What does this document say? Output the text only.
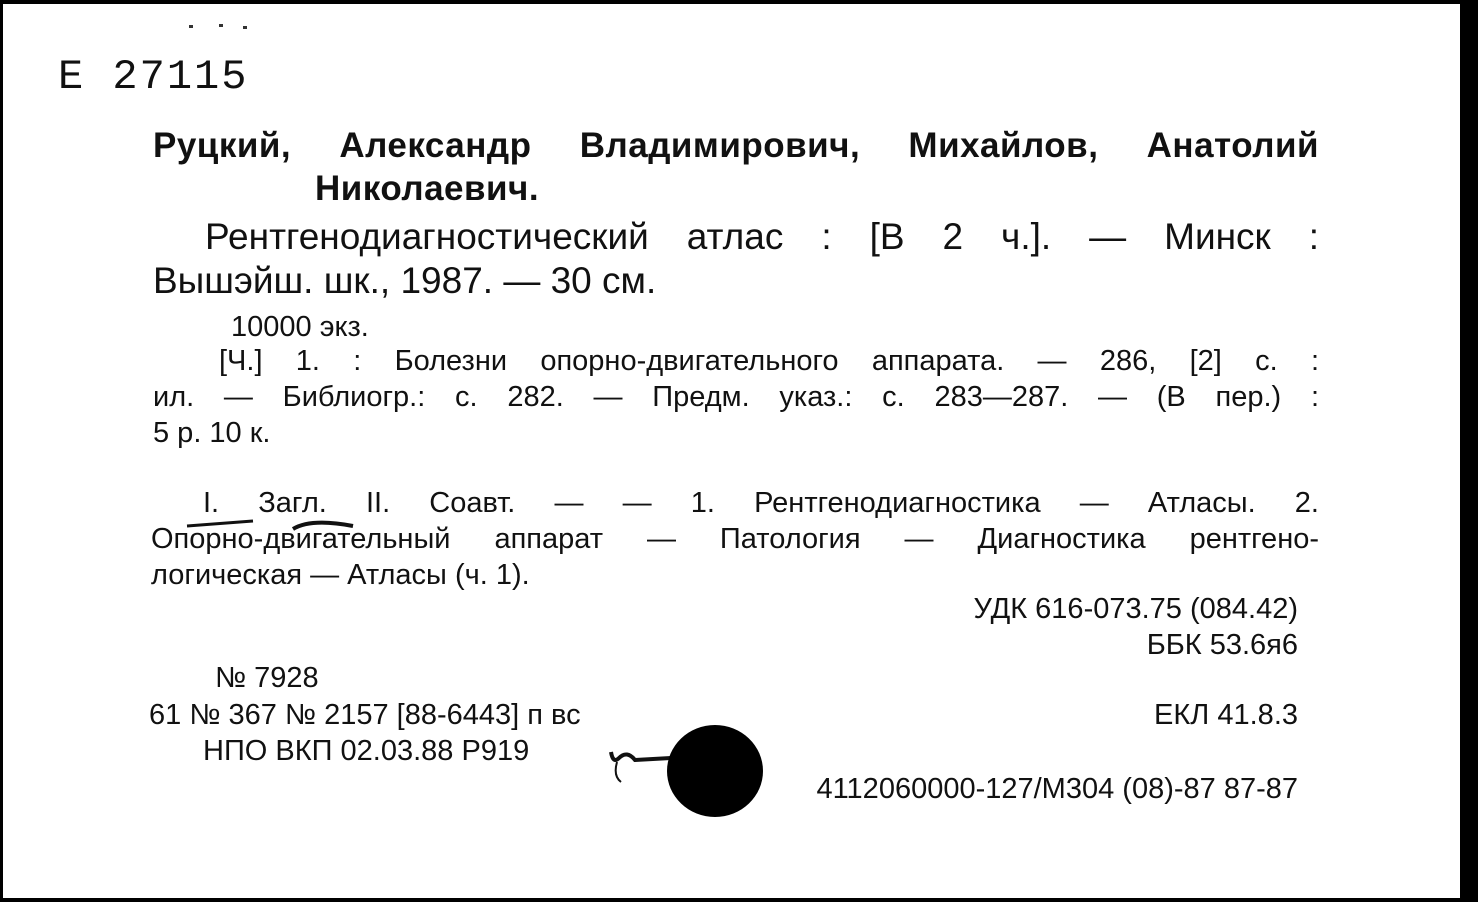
Е 27115
Руцкий, Александр Владимирович, Михайлов, Анатолий
Николаевич.
Рентгенодиагностический атлас : [В 2 ч.]. — Минск :
Вышэйш. шк., 1987. — 30 см.
10000 экз.
[Ч.] 1. : Болезни опорно-двигательного аппарата. — 286, [2] с. :
ил. — Библиогр.: с. 282. — Предм. указ.: с. 283—287. — (В пер.) :
5 р. 10 к.
I. Загл. II. Соавт. — — 1. Рентгенодиагностика — Атласы. 2.
Опорно-двигательный аппарат — Патология — Диагностика рентгено-
логическая — Атласы (ч. 1).
УДК 616-073.75 (084.42)
ББК 53.6я6
№ 7928
61 № 367 № 2157 [88-6443] п вс	ЕКЛ 41.8.3
НПО ВКП 02.03.88 Р919
4112060000-127/М304 (08)-87 87-87
